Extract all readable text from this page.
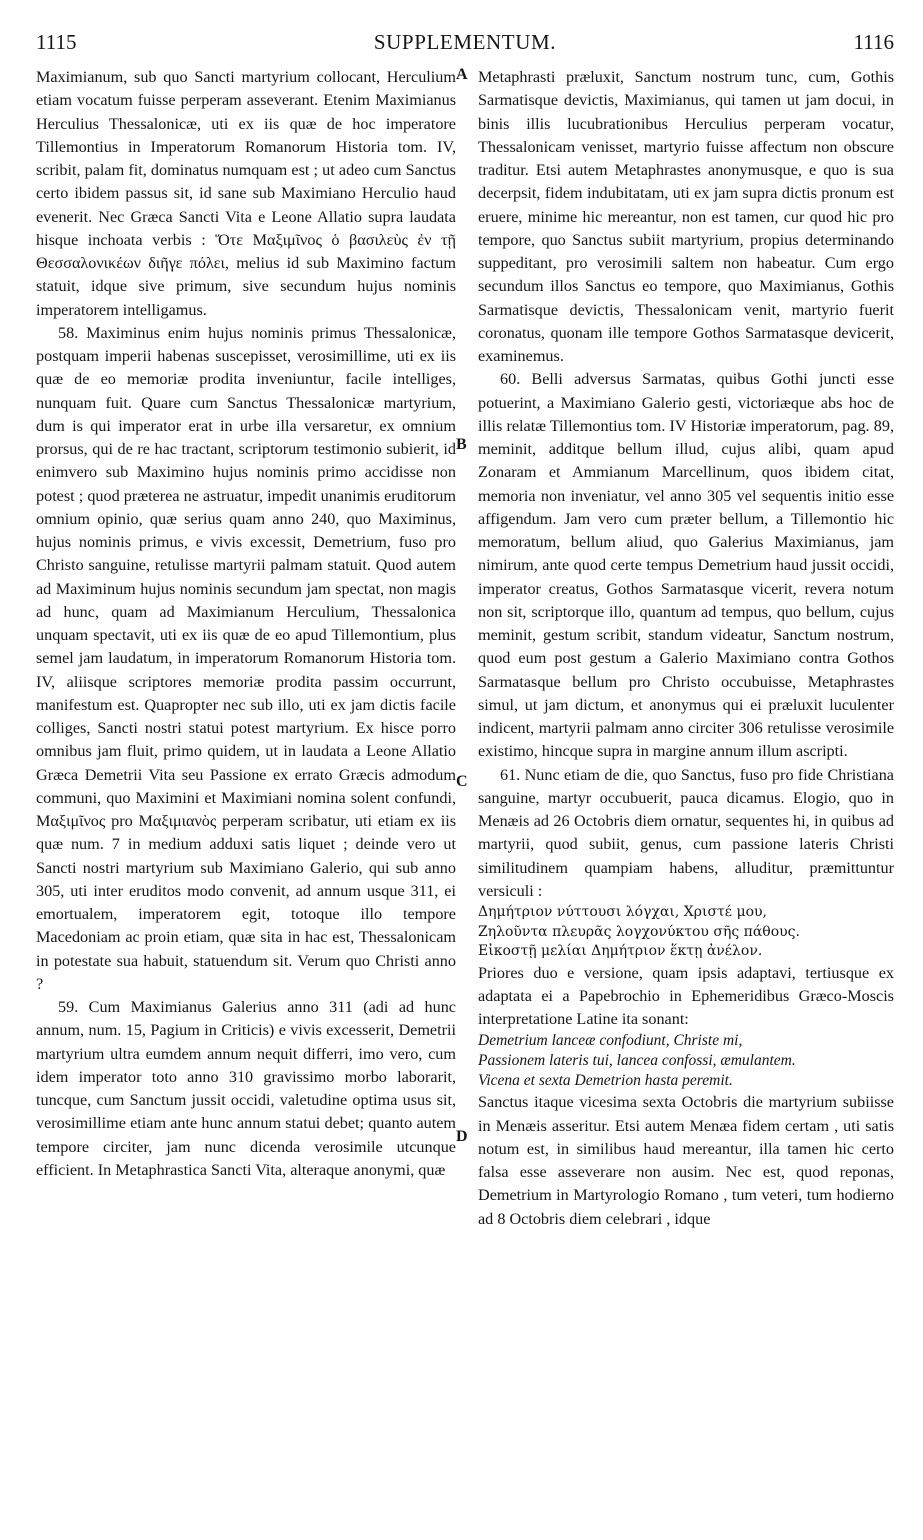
1115	SUPPLEMENTUM.	1116

Maximianum, sub quo Sancti martyrium collocant, Herculium etiam vocatum fuisse perperam asseverant. Etenim Maximianus Herculius Thessalonicæ, uti ex iis quæ de hoc imperatore Tillemontius in Imperatorum Romanorum Historia tom. IV, scribit, palam fit, dominatus numquam est ; ut adeo cum Sanctus certo ibidem passus sit, id sane sub Maximiano Herculio haud evenerit. Nec Græca Sancti Vita e Leone Allatio supra laudata hisque inchoata verbis : Ὅτε Μαξιμῖνος ὁ βασιλεὺς ἐν τῇ Θεσσαλονικέων διῆγε πόλει, melius id sub Maximino factum statuit, idque sive primum, sive secundum hujus nominis imperatorem intelligamus.

58. Maximinus enim hujus nominis primus Thessalonicæ, postquam imperii habenas suscepisset, verosimillime, uti ex iis quæ de eo memoriæ prodita inveniuntur, facile intelliges, nunquam fuit. Quare cum Sanctus Thessalonicæ martyrium, dum is qui imperator erat in urbe illa versaretur, ex omnium prorsus, qui de re hac tractant, scriptorum testimonio subierit, id enimvero sub Maximino hujus nominis primo accidisse non potest ; quod præterea ne astruatur, impedit unanimis eruditorum omnium opinio, quæ serius quam anno 240, quo Maximinus, hujus nominis primus, e vivis excessit, Demetrium, fuso pro Christo sanguine, retulisse martyrii palmam statuit. Quod autem ad Maximinum hujus nominis secundum jam spectat, non magis ad hunc, quam ad Maximianum Herculium, Thessalonica unquam spectavit, uti ex iis quæ de eo apud Tillemontium, plus semel jam laudatum, in imperatorum Romanorum Historia tom. IV, aliisque scriptores memoriæ prodita passim occurrunt, manifestum est. Quapropter nec sub illo, uti ex jam dictis facile colliges, Sancti nostri statui potest martyrium. Ex hisce porro omnibus jam fluit, primo quidem, ut in laudata a Leone Allatio Græca Demetrii Vita seu Passione ex errato Græcis admodum communi, quo Maximini et Maximiani nomina solent confundi, Μαξιμῖνος pro Μαξιμιανὸς perperam scribatur, uti etiam ex iis quæ num. 7 in medium adduxi satis liquet ; deinde vero ut Sancti nostri martyrium sub Maximiano Galerio, qui sub anno 305, uti inter eruditos modo convenit, ad annum usque 311, ei emortualem, imperatorem egit, totoque illo tempore Macedoniam ac proin etiam, quæ sita in hac est, Thessalonicam in potestate sua habuit, statuendum sit. Verum quo Christi anno ?

59. Cum Maximianus Galerius anno 311 (adi ad hunc annum, num. 15, Pagium in Criticis) e vivis excesserit, Demetrii martyrium ultra eumdem annum nequit differri, imo vero, cum idem imperator toto anno 310 gravissimo morbo laborarit, tuncque, cum Sanctum jussit occidi, valetudine optima usus sit, verosimillime etiam ante hunc annum statui debet; quanto autem tempore circiter, jam nunc dicenda verosimile utcunque efficient. In Metaphrastica Sancti Vita, alteraque anonymi, quæ

A
B
C
D

Metaphrasti præluxit, Sanctum nostrum tunc, cum, Gothis Sarmatisque devictis, Maximianus, qui tamen ut jam docui, in binis illis lucubrationibus Herculius perperam vocatur, Thessalonicam venisset, martyrio fuisse affectum non obscure traditur. Etsi autem Metaphrastes anonymusque, e quo is sua decerpsit, fidem indubitatam, uti ex jam supra dictis pronum est eruere, minime hic mereantur, non est tamen, cur quod hic pro tempore, quo Sanctus subiit martyrium, propius determinando suppeditant, pro verosimili saltem non habeatur. Cum ergo secundum illos Sanctus eo tempore, quo Maximianus, Gothis Sarmatisque devictis, Thessalonicam venit, martyrio fuerit coronatus, quonam ille tempore Gothos Sarmatasque devicerit, examinemus.

60. Belli adversus Sarmatas, quibus Gothi juncti esse potuerint, a Maximiano Galerio gesti, victoriæque abs hoc de illis relatæ Tillemontius tom. IV Historiæ imperatorum, pag. 89, meminit, additque bellum illud, cujus alibi, quam apud Zonaram et Ammianum Marcellinum, quos ibidem citat, memoria non inveniatur, vel anno 305 vel sequentis initio esse affigendum. Jam vero cum præter bellum, a Tillemontio hic memoratum, bellum aliud, quo Galerius Maximianus, jam nimirum, ante quod certe tempus Demetrium haud jussit occidi, imperator creatus, Gothos Sarmatasque vicerit, revera notum non sit, scriptorque illo, quantum ad tempus, quo bellum, cujus meminit, gestum scribit, standum videatur, Sanctum nostrum, quod eum post gestum a Galerio Maximiano contra Gothos Sarmatasque bellum pro Christo occubuisse, Metaphrastes simul, ut jam dictum, et anonymus qui ei præluxit luculenter indicent, martyrii palmam anno circiter 306 retulisse verosimile existimo, hincque supra in margine annum illum ascripti.

61. Nunc etiam de die, quo Sanctus, fuso pro fide Christiana sanguine, martyr occubuerit, pauca dicamus. Elogio, quo in Menæis ad 26 Octobris diem ornatur, sequentes hi, in quibus ad martyrii, quod subiit, genus, cum passione lateris Christi similitudinem quampiam habens, alluditur, præmittuntur versiculi :

Δημήτριον νύττουσι λόγχαι, Χριστέ μου,

Ζηλοῦντα πλευρᾶς λογχονύκτου σῆς πάθους.

Εἰκοστῇ μελίαι Δημήτριον ἕκτῃ ἀνέλον.

Priores duo e versione, quam ipsis adaptavi, tertiusque ex adaptata ei a Papebrochio in Ephemeridibus Græco-Moscis interpretatione Latine ita sonant:

Demetrium lanceæ confodiunt, Christe mi,

Passionem lateris tui, lancea confossi, æmulantem.

Vicena et sexta Demetrion hasta peremit.

Sanctus itaque vicesima sexta Octobris die martyrium subiisse in Menæis asseritur. Etsi autem Menæa fidem certam , uti satis notum est, in similibus haud mereantur, illa tamen hic certo falsa esse asseverare non ausim. Nec est, quod reponas, Demetrium in Martyrologio Romano , tum veteri, tum hodierno ad 8 Octobris diem celebrari , idque
